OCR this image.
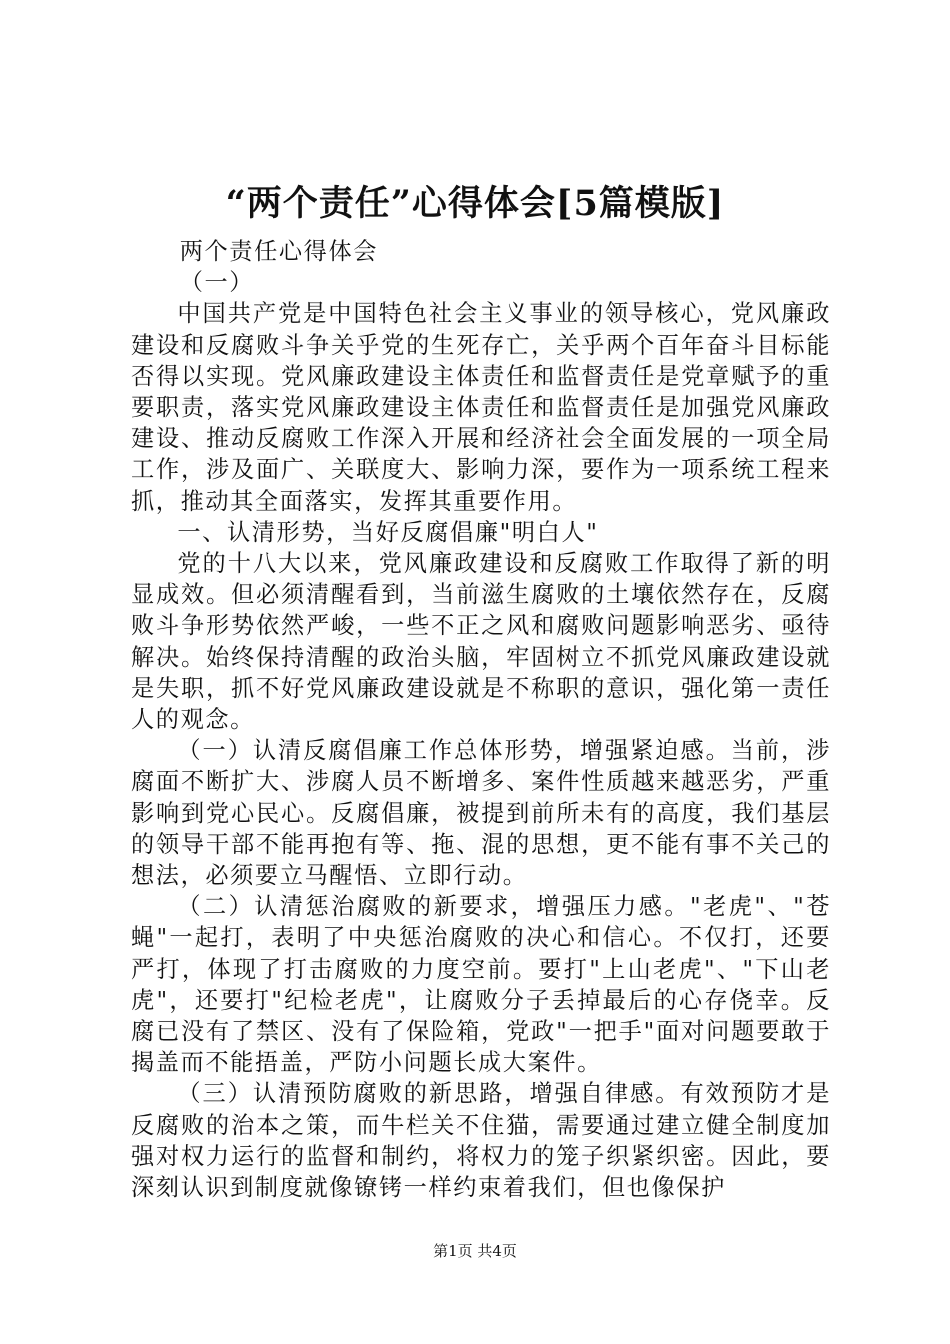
“两个责任”心得体会[5篇模版]

两个责任心得体会

（一）

中国共产党是中国特色社会主义事业的领导核心，党风廉政建设和反腐败斗争关乎党的生死存亡，关乎两个百年奋斗目标能否得以实现。党风廉政建设主体责任和监督责任是党章赋予的重要职责，落实党风廉政建设主体责任和监督责任是加强党风廉政建设、推动反腐败工作深入开展和经济社会全面发展的一项全局工作，涉及面广、关联度大、影响力深，要作为一项系统工程来抓，推动其全面落实，发挥其重要作用。

一、认清形势，当好反腐倡廉"明白人"

党的十八大以来，党风廉政建设和反腐败工作取得了新的明显成效。但必须清醒看到，当前滋生腐败的土壤依然存在，反腐败斗争形势依然严峻，一些不正之风和腐败问题影响恶劣、亟待解决。始终保持清醒的政治头脑，牢固树立不抓党风廉政建设就是失职，抓不好党风廉政建设就是不称职的意识，强化第一责任人的观念。

（一）认清反腐倡廉工作总体形势，增强紧迫感。当前，涉腐面不断扩大、涉腐人员不断增多、案件性质越来越恶劣，严重影响到党心民心。反腐倡廉，被提到前所未有的高度，我们基层的领导干部不能再抱有等、拖、混的思想，更不能有事不关己的想法，必须要立马醒悟、立即行动。

（二）认清惩治腐败的新要求，增强压力感。"老虎"、"苍蝇"一起打，表明了中央惩治腐败的决心和信心。不仅打，还要严打，体现了打击腐败的力度空前。要打"上山老虎"、"下山老虎"，还要打"纪检老虎"，让腐败分子丢掉最后的心存侥幸。反腐已没有了禁区、没有了保险箱，党政"一把手"面对问题要敢于揭盖而不能捂盖，严防小问题长成大案件。

（三）认清预防腐败的新思路，增强自律感。有效预防才是反腐败的治本之策，而牛栏关不住猫，需要通过建立健全制度加强对权力运行的监督和制约，将权力的笼子织紧织密。因此，要深刻认识到制度就像镣铐一样约束着我们，但也像保护

第1页 共4页
